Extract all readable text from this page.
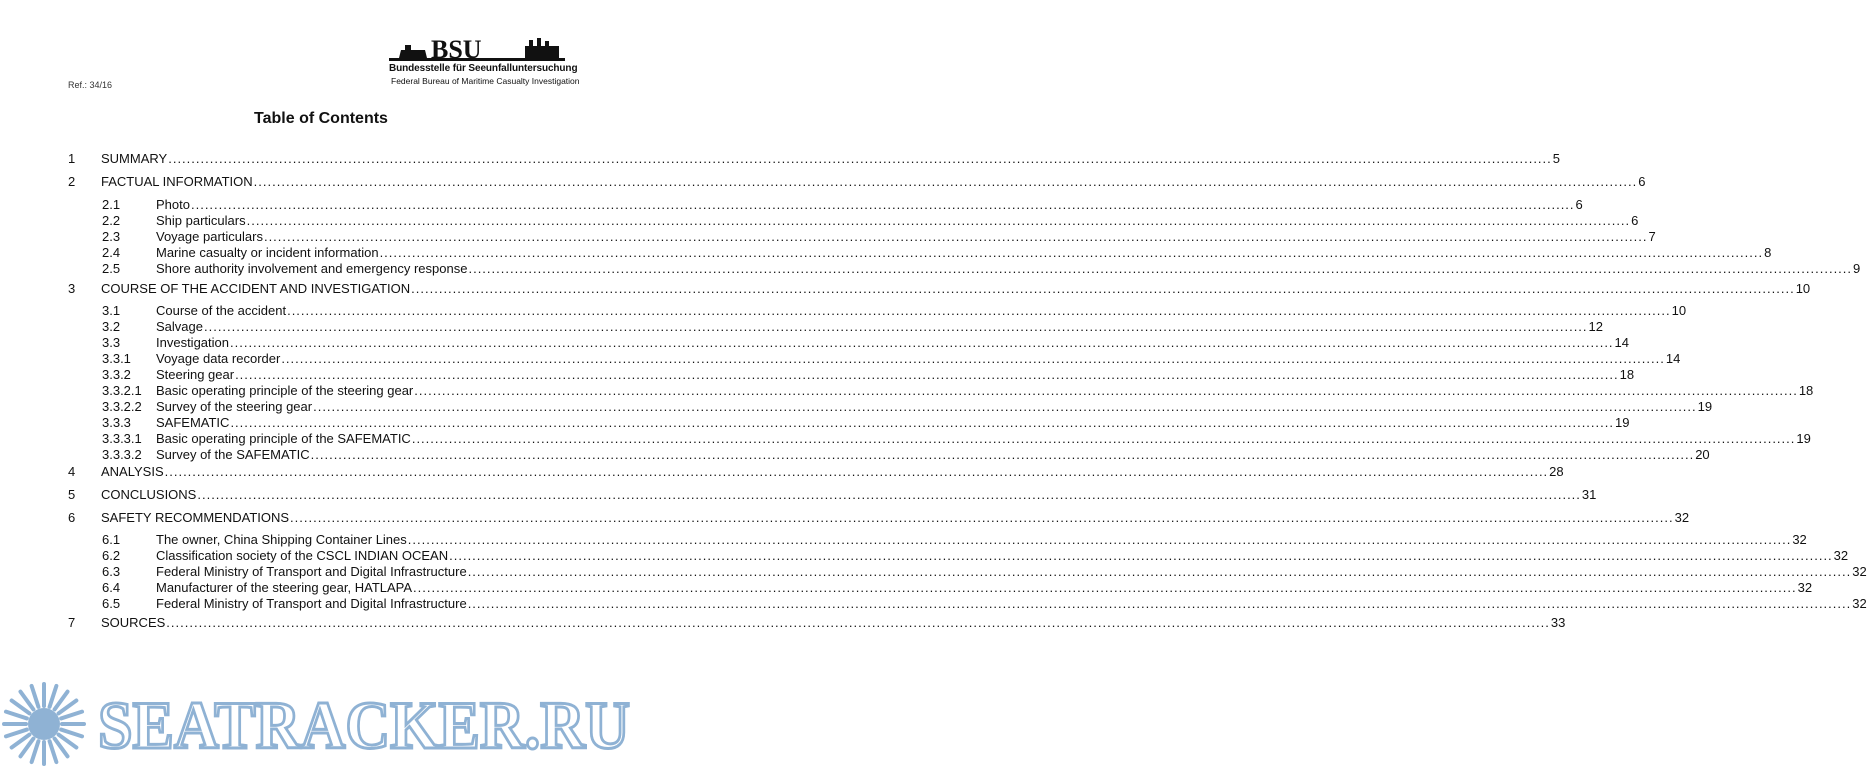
Ref.: 34/16
BSU
Bundesstelle für Seeunfalluntersuchung
Federal Bureau of Maritime Casualty Investigation
Table of Contents
1 SUMMARY ............................................................................................................................................................................................................................................................................................................ 5
2 FACTUAL INFORMATION ............................................................................................................................................................................................................................................................................................................ 6
2.1	Photo ............................................................................................................................................................................................................................................................................................................ 6
2.2	Ship particulars ............................................................................................................................................................................................................................................................................................................ 6
2.3	Voyage particulars ............................................................................................................................................................................................................................................................................................................ 7
2.4	Marine casualty or incident information ............................................................................................................................................................................................................................................................................................................ 8
2.5	Shore authority involvement and emergency response ............................................................................................................................................................................................................................................................................................................ 9
3 COURSE OF THE ACCIDENT AND INVESTIGATION ............................................................................................................................................................................................................................................................................................................ 10
3.1	Course of the accident ............................................................................................................................................................................................................................................................................................................ 10
3.2	Salvage ............................................................................................................................................................................................................................................................................................................ 12
3.3	Investigation ............................................................................................................................................................................................................................................................................................................ 14
3.3.1 Voyage data recorder ............................................................................................................................................................................................................................................................................................................ 14
3.3.2 Steering gear ............................................................................................................................................................................................................................................................................................................ 18
3.3.2.1 Basic operating principle of the steering gear ............................................................................................................................................................................................................................................................................................................ 18
3.3.2.2 Survey of the steering gear ............................................................................................................................................................................................................................................................................................................ 19
3.3.3 SAFEMATIC ............................................................................................................................................................................................................................................................................................................ 19
3.3.3.1 Basic operating principle of the SAFEMATIC ............................................................................................................................................................................................................................................................................................................ 19
3.3.3.2 Survey of the SAFEMATIC ............................................................................................................................................................................................................................................................................................................ 20
4 ANALYSIS ............................................................................................................................................................................................................................................................................................................ 28
5 CONCLUSIONS ............................................................................................................................................................................................................................................................................................................ 31
6 SAFETY RECOMMENDATIONS ............................................................................................................................................................................................................................................................................................................ 32
6.1	The owner, China Shipping Container Lines ............................................................................................................................................................................................................................................................................................................ 32
6.2	Classification society of the CSCL INDIAN OCEAN ............................................................................................................................................................................................................................................................................................................ 32
6.3	Federal Ministry of Transport and Digital Infrastructure ............................................................................................................................................................................................................................................................................................................ 32
6.4	Manufacturer of the steering gear, HATLAPA ............................................................................................................................................................................................................................................................................................................ 32
6.5	Federal Ministry of Transport and Digital Infrastructure ............................................................................................................................................................................................................................................................................................................ 32
7 SOURCES ............................................................................................................................................................................................................................................................................................................ 33
SEATRACKER.RU
